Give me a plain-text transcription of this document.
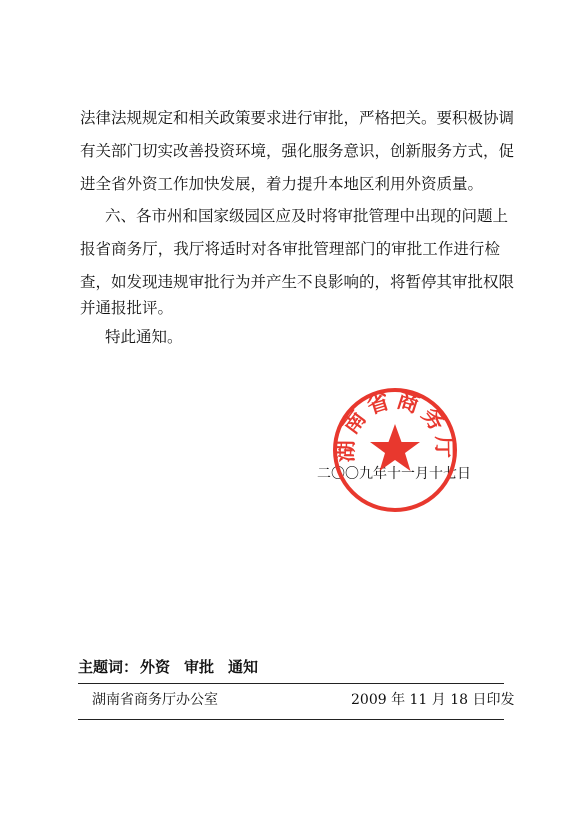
法律法规规定和相关政策要求进行审批，严格把关。要积极协调
有关部门切实改善投资环境，强化服务意识，创新服务方式，促
进全省外资工作加快发展，着力提升本地区利用外资质量。
六、各市州和国家级园区应及时将审批管理中出现的问题上
报省商务厅，我厅将适时对各审批管理部门的审批工作进行检
查，如发现违规审批行为并产生不良影响的，将暂停其审批权限
并通报批评。
特此通知。
二〇〇九年十一月十七日
湖南省商务厅
主题词： 外资 审批 通知
湖南省商务厅办公室	2009 年 11 月 18 日印发
